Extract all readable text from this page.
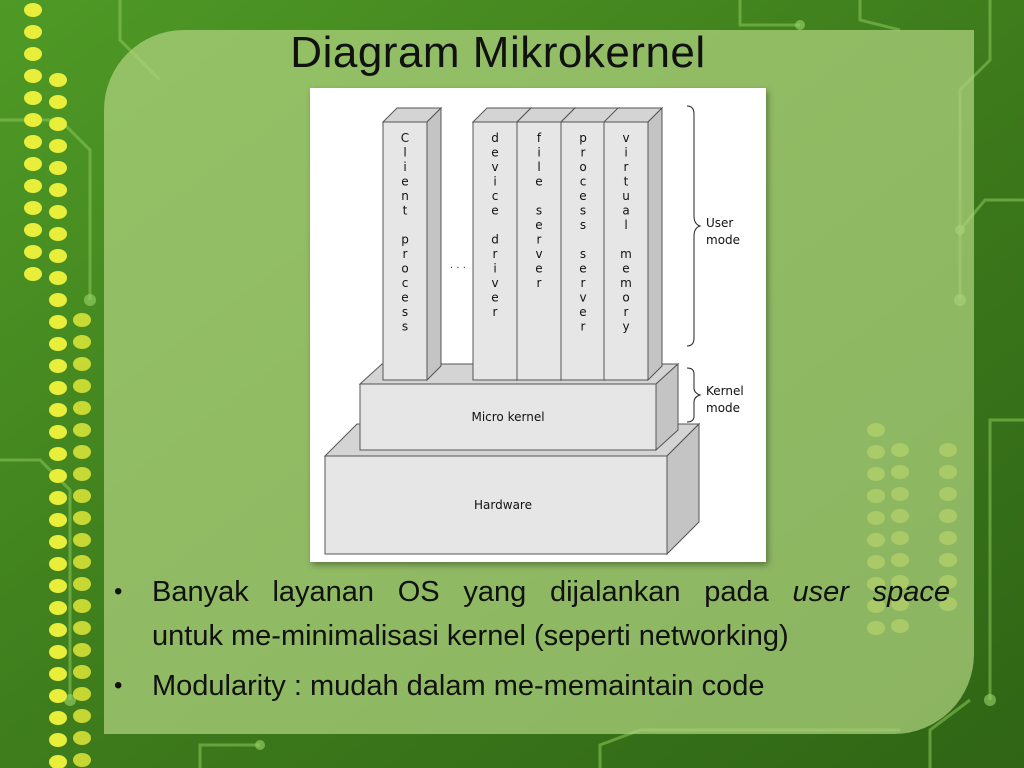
Diagram Mikrokernel
Hardware
Micro kernel
C
l
i
e
n
t
p
r
o
c
e
s
s
d
e
v
i
c
e
d
r
i
v
e
r
f
i
l
e
s
e
r
v
e
r
p
r
o
c
e
s
s
s
e
r
v
e
r
v
i
r
t
u
a
l
m
e
m
o
r
y
. . .
User
mode
Kernel
mode
• Banyak layanan OS yang dijalankan pada user space
untuk me-minimalisasi kernel (seperti networking)
• Modularity : mudah dalam me-memaintain code
